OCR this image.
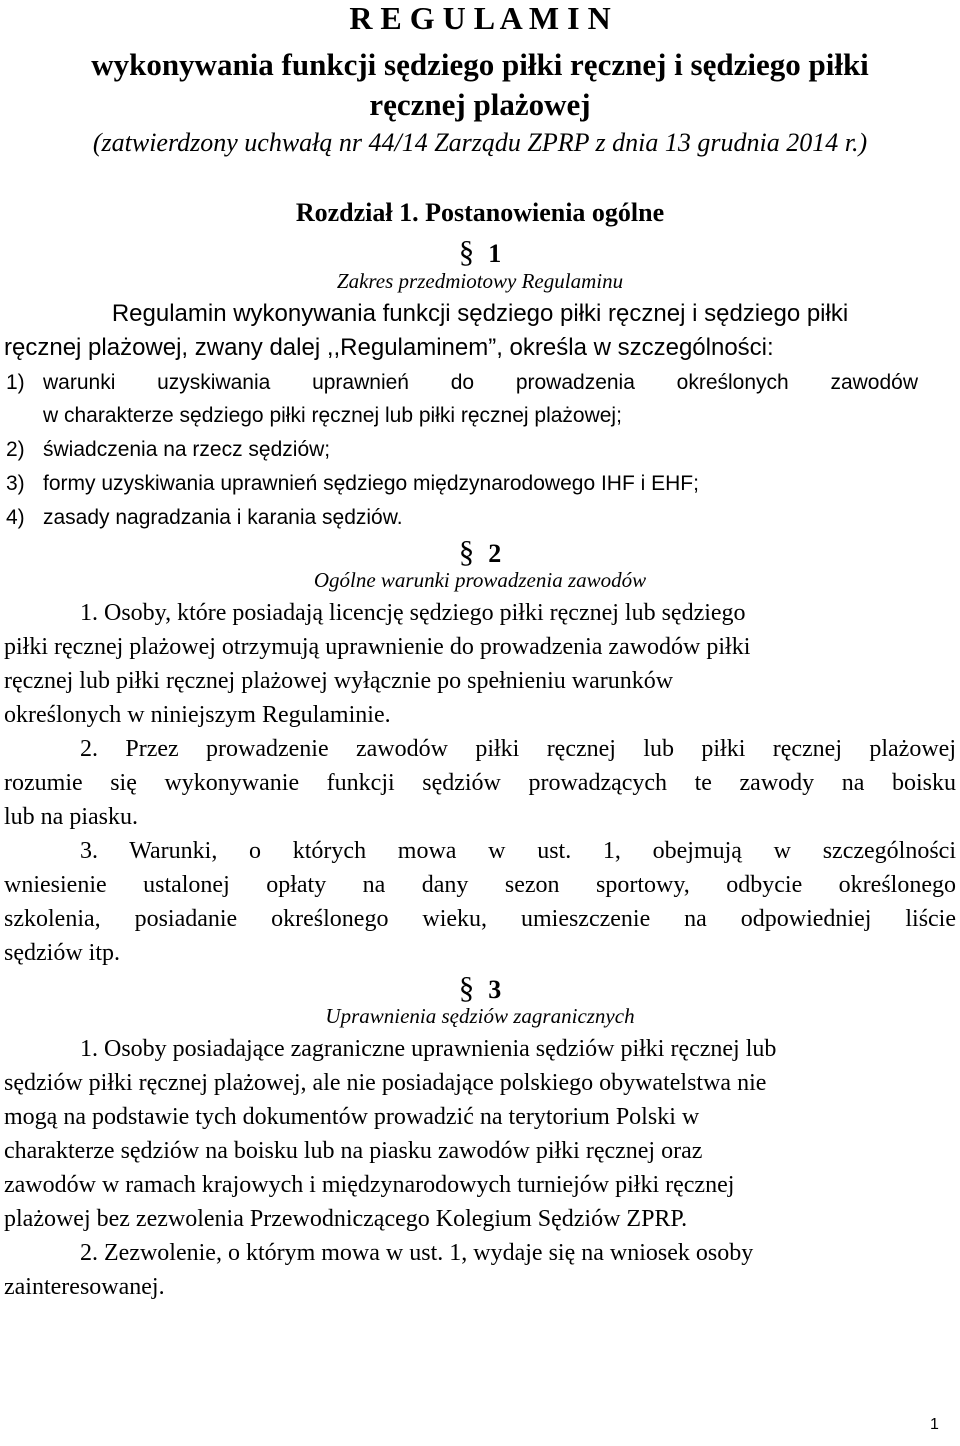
R E G U L A M I N
wykonywania funkcji sędziego piłki ręcznej i sędziego piłki
ręcznej plażowej
(zatwierdzony uchwałą nr 44/14 Zarządu ZPRP z dnia 13 grudnia 2014 r.)
Rozdział 1. Postanowienia ogólne
§ 1
Zakres przedmiotowy Regulaminu
Regulamin wykonywania funkcji sędziego piłki ręcznej i sędziego piłki
ręcznej plażowej, zwany dalej ,,Regulaminem”, określa w szczególności:
1) warunki uzyskiwania uprawnień do prowadzenia określonych zawodów
w charakterze sędziego piłki ręcznej lub piłki ręcznej plażowej;
2) świadczenia na rzecz sędziów;
3) formy uzyskiwania uprawnień sędziego międzynarodowego IHF i EHF;
4) zasady nagradzania i karania sędziów.
§ 2
Ogólne warunki prowadzenia zawodów
1. Osoby, które posiadają licencję sędziego piłki ręcznej lub sędziego
piłki ręcznej plażowej otrzymują uprawnienie do prowadzenia zawodów piłki
ręcznej lub piłki ręcznej plażowej wyłącznie po spełnieniu warunków
określonych w niniejszym Regulaminie.
2. Przez prowadzenie zawodów piłki ręcznej lub piłki ręcznej plażowej
rozumie się wykonywanie funkcji sędziów prowadzących te zawody na boisku
lub na piasku.
3. Warunki, o których mowa w ust. 1, obejmują w szczególności
wniesienie ustalonej opłaty na dany sezon sportowy, odbycie określonego
szkolenia, posiadanie określonego wieku, umieszczenie na odpowiedniej liście
sędziów itp.
§ 3
Uprawnienia sędziów zagranicznych
1. Osoby posiadające zagraniczne uprawnienia sędziów piłki ręcznej lub
sędziów piłki ręcznej plażowej, ale nie posiadające polskiego obywatelstwa nie
mogą na podstawie tych dokumentów prowadzić na terytorium Polski w
charakterze sędziów na boisku lub na piasku zawodów piłki ręcznej oraz
zawodów w ramach krajowych i międzynarodowych turniejów piłki ręcznej
plażowej bez zezwolenia Przewodniczącego Kolegium Sędziów ZPRP.
2. Zezwolenie, o którym mowa w ust. 1, wydaje się na wniosek osoby
zainteresowanej.
1
